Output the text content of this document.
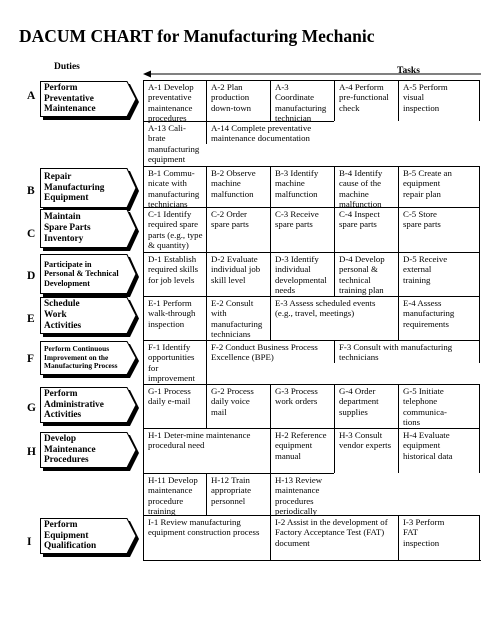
DACUM CHART for Manufacturing Mechanic
Duties	Tasks
A
Perform
Preventative
Maintenance
B
Repair
Manufacturing
Equipment
C
Maintain
Spare Parts
Inventory
D
Participate in
Personal & Technical
Development
E
Schedule
Work
Activities
F
Perform Continuous
Improvement on the
Manufacturing Process
G
Perform
Administrative
Activities
H
Develop
Maintenance
Procedures
I
Perform
Equipment
Qualification
A-1 Develop
preventative
maintenance
procedures
A-2 Plan
production
down-town
A-3
Coordinate
manufacturing
technician
A-4 Perform
pre-functional
check
A-5 Perform
visual
inspection
A-13 Cali-
brate
manufacturing
equipment
A-14 Complete preventative
maintenance documentation
B-1 Commu-
nicate with
manufacturing
technicians
B-2 Observe
machine
malfunction
B-3 Identify
machine
malfunction
B-4 Identify
cause of the
machine
malfunction
B-5 Create an
equipment
repair plan
C-1 Identify
required spare
parts (e.g., type
& quantity)
C-2 Order
spare parts
C-3 Receive
spare parts
C-4 Inspect
spare parts
C-5 Store
spare parts
D-1 Establish
required skills
for job levels
D-2 Evaluate
individual job
skill level
D-3 Identify
individual
developmental
needs
D-4 Develop
personal &
technical
training plan
D-5 Receive
external
training
E-1 Perform
walk-through
inspection
E-2 Consult
with
manufacturing
technicians
E-3 Assess scheduled events
(e.g., travel, meetings)
E-4 Assess
manufacturing
requirements
F-1 Identify
opportunities
for
improvement
F-2 Conduct Business Process
Excellence (BPE)
F-3 Consult with manufacturing
technicians
G-1 Process
daily e-mail
G-2 Process
daily voice
mail
G-3 Process
work orders
G-4 Order
department
supplies
G-5 Initiate
telephone
communica-
tions
H-1 Deter-mine maintenance
procedural need
H-2 Reference
equipment
manual
H-3 Consult
vendor experts
H-4 Evaluate
equipment
historical data
H-11 Develop
maintenance
procedure
training
H-12 Train
appropriate
personnel
H-13 Review
maintenance
procedures
periodically
I-1 Review manufacturing
equipment construction process
I-2 Assist in the development of
Factory Acceptance Test (FAT)
document
I-3 Perform
FAT
inspection
